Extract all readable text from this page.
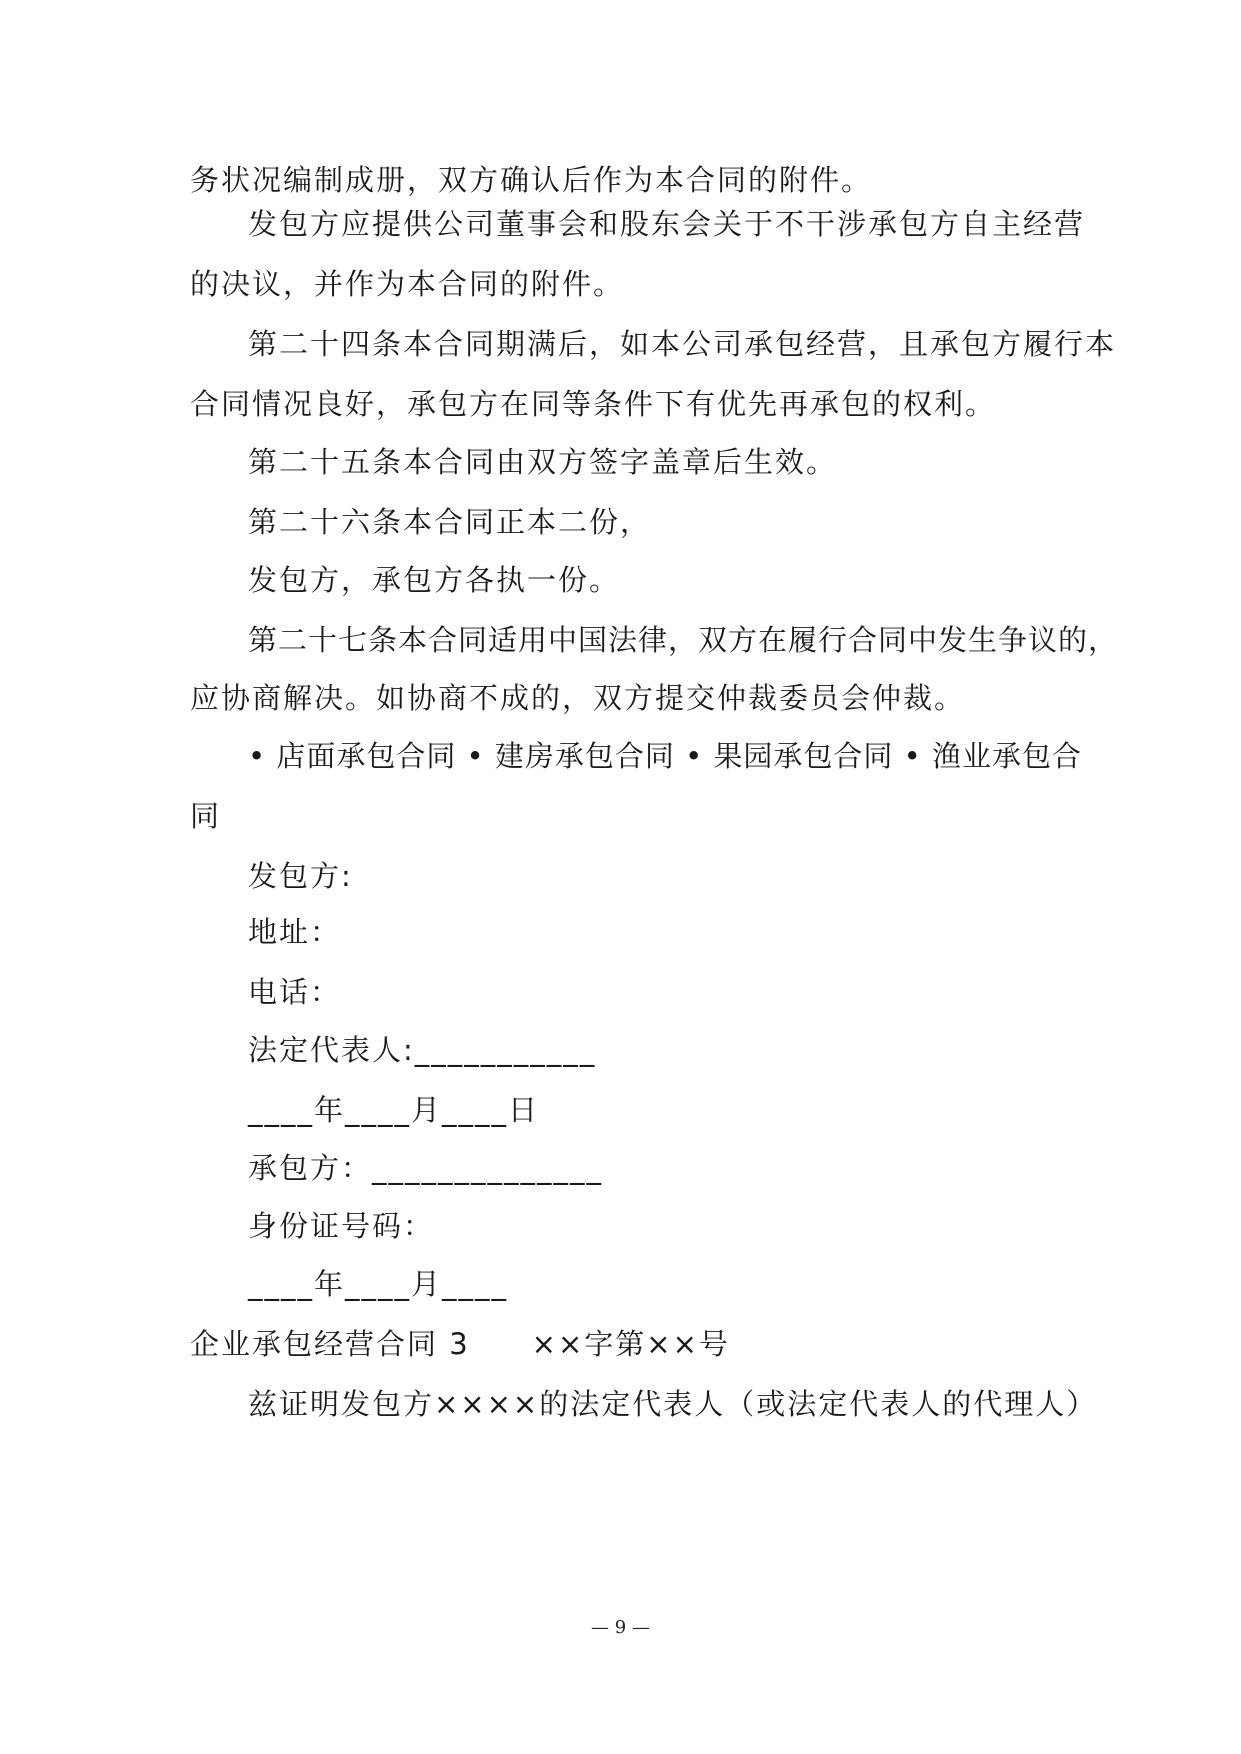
务状况编制成册，双方确认后作为本合同的附件。
发包方应提供公司董事会和股东会关于不干涉承包方自主经营
的决议，并作为本合同的附件。
第二十四条本合同期满后，如本公司承包经营，且承包方履行本
合同情况良好，承包方在同等条件下有优先再承包的权利。
第二十五条本合同由双方签字盖章后生效。
第二十六条本合同正本二份，
发包方，承包方各执一份。
第二十七条本合同适用中国法律，双方在履行合同中发生争议的，
应协商解决。如协商不成的，双方提交仲裁委员会仲裁。
• 店面承包合同 • 建房承包合同 • 果园承包合同 • 渔业承包合
同
发包方:
地址：
电话：
法定代表人:___________
____年____月____日
承包方：______________
身份证号码：
____年____月____
企业承包经营合同 3　　××字第××号
兹证明发包方××××的法定代表人（或法定代表人的代理人）
— 9 —
